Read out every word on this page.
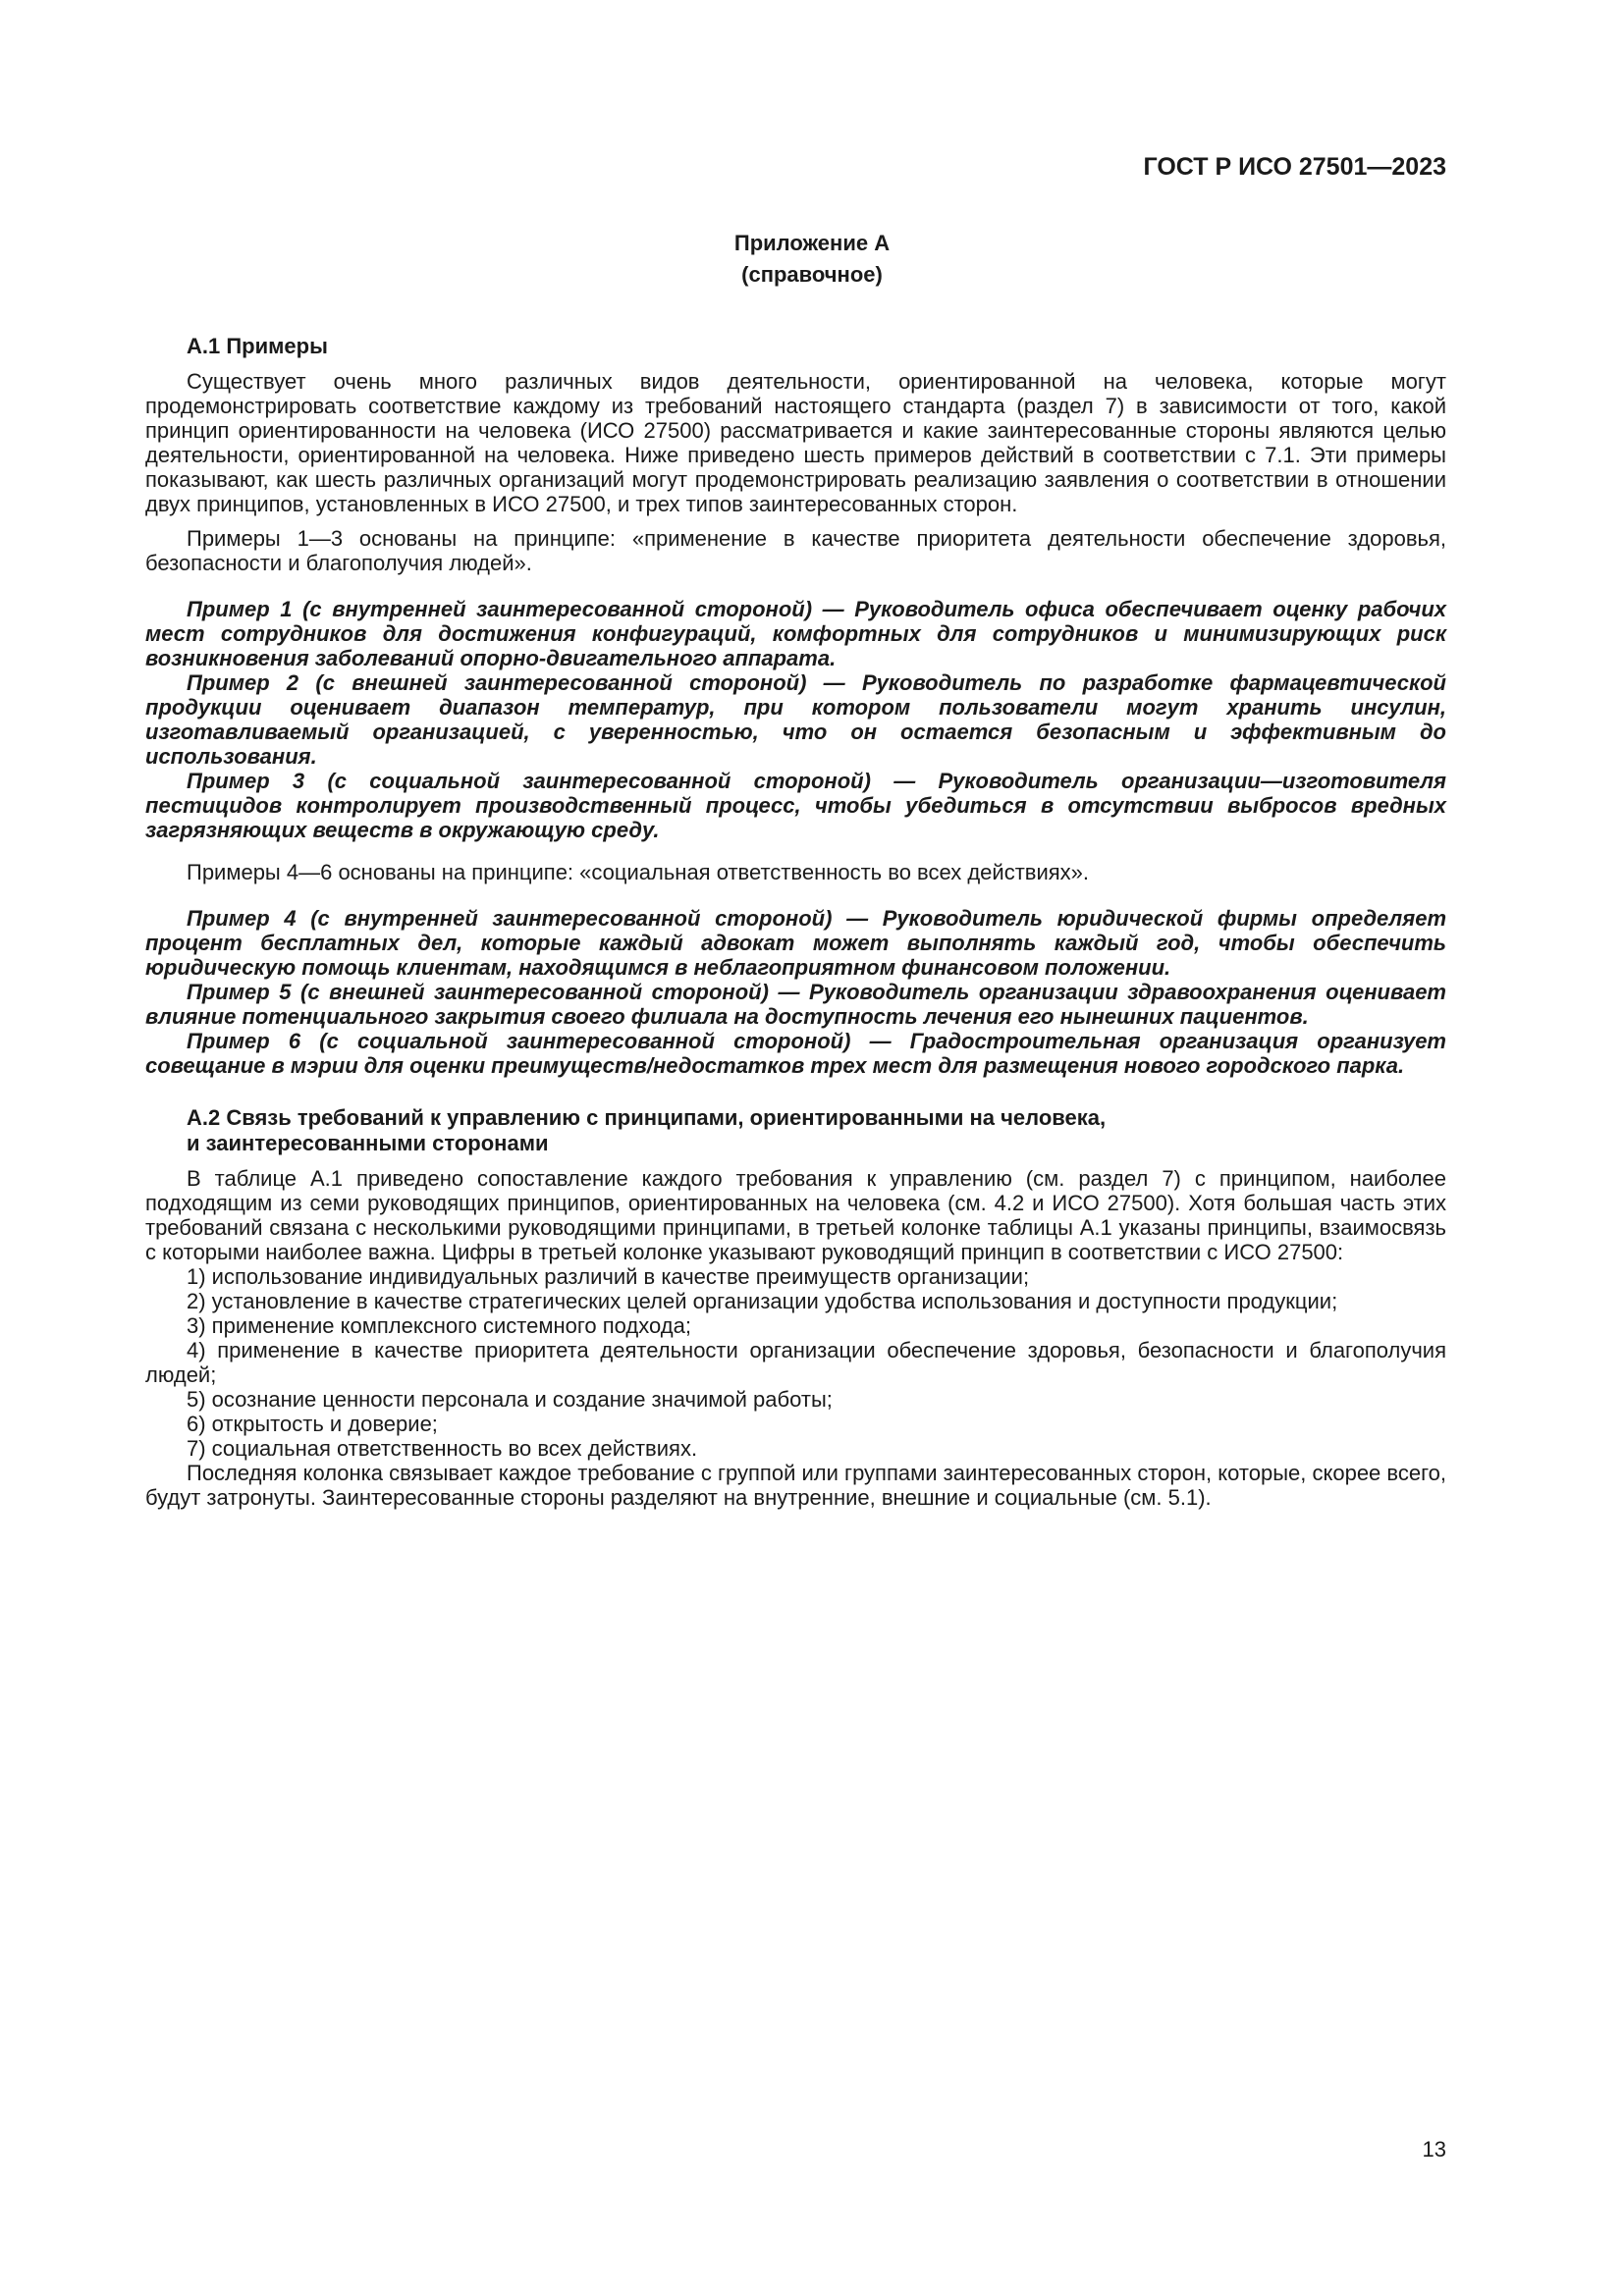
ГОСТ Р ИСО 27501—2023
Приложение А
(справочное)
А.1 Примеры

Существует очень много различных видов деятельности, ориентированной на человека, которые могут продемонстрировать соответствие каждому из требований настоящего стандарта (раздел 7) в зависимости от того, какой принцип ориентированности на человека (ИСО 27500) рассматривается и какие заинтересованные стороны являются целью деятельности, ориентированной на человека. Ниже приведено шесть примеров действий в соответствии с 7.1. Эти примеры показывают, как шесть различных организаций могут продемонстрировать реализацию заявления о соответствии в отношении двух принципов, установленных в ИСО 27500, и трех типов заинтересованных сторон.

Примеры 1—3 основаны на принципе: «применение в качестве приоритета деятельности обеспечение здоровья, безопасности и благополучия людей».

Пример 1 (с внутренней заинтересованной стороной) — Руководитель офиса обеспечивает оценку рабочих мест сотрудников для достижения конфигураций, комфортных для сотрудников и минимизирующих риск возникновения заболеваний опорно-двигательного аппарата.

Пример 2 (с внешней заинтересованной стороной) — Руководитель по разработке фармацевтической продукции оценивает диапазон температур, при котором пользователи могут хранить инсулин, изготавливаемый организацией, с уверенностью, что он остается безопасным и эффективным до использования.

Пример 3 (с социальной заинтересованной стороной) — Руководитель организации—изготовителя пестицидов контролирует производственный процесс, чтобы убедиться в отсутствии выбросов вредных загрязняющих веществ в окружающую среду.

Примеры 4—6 основаны на принципе: «социальная ответственность во всех действиях».

Пример 4 (с внутренней заинтересованной стороной) — Руководитель юридической фирмы определяет процент бесплатных дел, которые каждый адвокат может выполнять каждый год, чтобы обеспечить юридическую помощь клиентам, находящимся в неблагоприятном финансовом положении.

Пример 5 (с внешней заинтересованной стороной) — Руководитель организации здравоохранения оценивает влияние потенциального закрытия своего филиала на доступность лечения его нынешних пациентов.

Пример 6 (с социальной заинтересованной стороной) — Градостроительная организация организует совещание в мэрии для оценки преимуществ/недостатков трех мест для размещения нового городского парка.

А.2 Связь требований к управлению с принципами, ориентированными на человека,
и заинтересованными сторонами

В таблице А.1 приведено сопоставление каждого требования к управлению (см. раздел 7) с принципом, наиболее подходящим из семи руководящих принципов, ориентированных на человека (см. 4.2 и ИСО 27500). Хотя большая часть этих требований связана с несколькими руководящими принципами, в третьей колонке таблицы А.1 указаны принципы, взаимосвязь с которыми наиболее важна. Цифры в третьей колонке указывают руководящий принцип в соответствии с ИСО 27500:

1) использование индивидуальных различий в качестве преимуществ организации;

2) установление в качестве стратегических целей организации удобства использования и доступности продукции;

3) применение комплексного системного подхода;

4) применение в качестве приоритета деятельности организации обеспечение здоровья, безопасности и благополучия людей;

5) осознание ценности персонала и создание значимой работы;

6) открытость и доверие;

7) социальная ответственность во всех действиях.

Последняя колонка связывает каждое требование с группой или группами заинтересованных сторон, которые, скорее всего, будут затронуты. Заинтересованные стороны разделяют на внутренние, внешние и социальные (см. 5.1).

13
